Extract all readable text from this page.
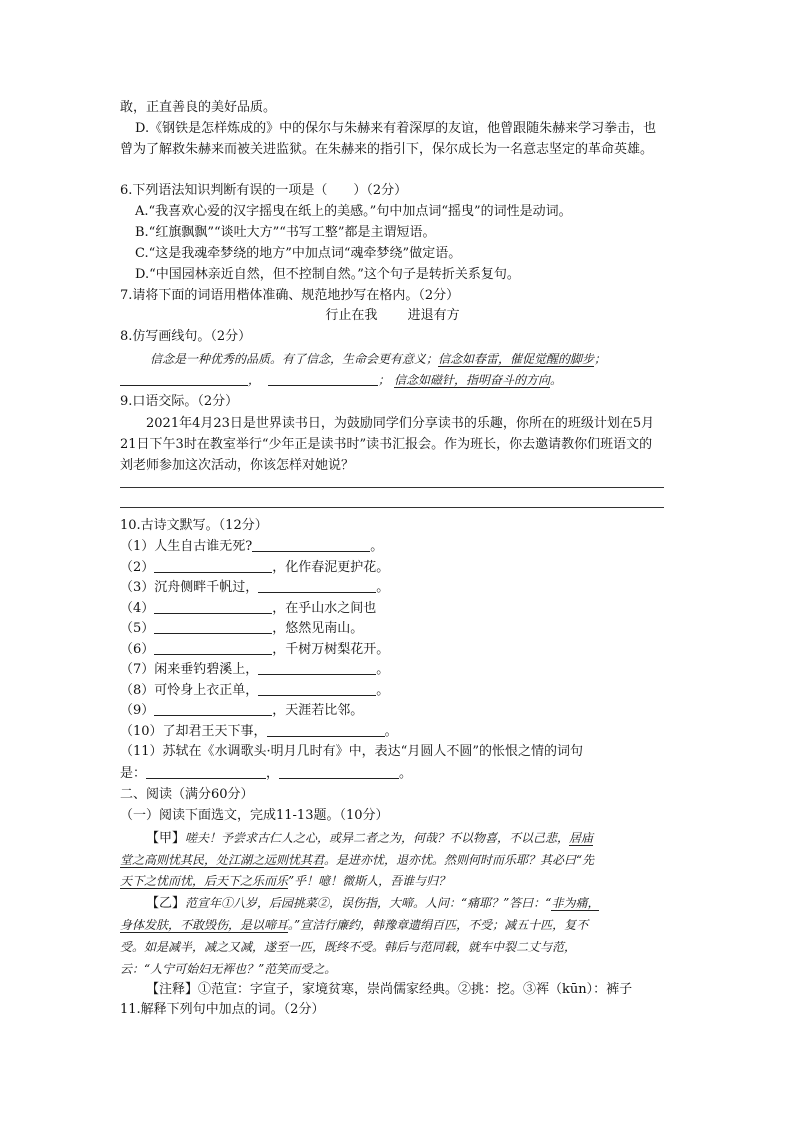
敢，正直善良的美好品质。
D.《钢铁是怎样炼成的》中的保尔与朱赫来有着深厚的友谊，他曾跟随朱赫来学习拳击，也曾为了解救朱赫来而被关进监狱。在朱赫来的指引下，保尔成长为一名意志坚定的革命英雄。
6.下列语法知识判断有误的一项是（　　）（2分）
A.“我喜欢心爱的汉字摇曳在纸上的美感。”句中加点词“摇曳”的词性是动词。
B.“红旗飘飘”“谈吐大方”“书写工整”都是主谓短语。
C.“这是我魂牵梦绕的地方”中加点词“魂牵梦绕”做定语。
D.“中国园林亲近自然，但不控制自然。”这个句子是转折关系复句。
7.请将下面的词语用楷体准确、规范地抄写在格内。（2分）
行止在我 进退有方
8.仿写画线句。（2分）
信念是一种优秀的品质。有了信念，生命会更有意义；信念如春雷，催促觉醒的脚步；
，	； 信念如磁针，指明奋斗的方向。
9.口语交际。（2分）
2021年4月23日是世界读书日，为鼓励同学们分享读书的乐趣，你所在的班级计划在5月21日下午3时在教室举行“少年正是读书时”读书汇报会。作为班长，你去邀请教你们班语文的刘老师参加这次活动，你该怎样对她说？
10.古诗文默写。（12分）
（1）人生自古谁无死?	。
（2）	，化作春泥更护花。
（3）沉舟侧畔千帆过，	。
（4）	，在乎山水之间也
（5）	，悠然见南山。
（6）	，千树万树梨花开。
（7）闲来垂钓碧溪上，	。
（8）可怜身上衣正单，	。
（9）	，天涯若比邻。
（10）了却君王天下事，	。
（11）苏轼在《水调歌头·明月几时有》中，表达“月圆人不圆”的怅恨之情的词句
是：	，	。
二、阅读（满分60分）
（一）阅读下面选文，完成11-13题。（10分）
【甲】嗟夫！予尝求古仁人之心，或异二者之为，何哉？不以物喜，不以己悲，居庙
堂之高则忧其民，处江湖之远则忧其君。是进亦忧，退亦忧。然则何时而乐耶？其必曰“先
天下之忧而忧，后天下之乐而乐”乎！噫！微斯人，吾谁与归？
【乙】范宣年①八岁，后园挑菜②，误伤指，大啼。人问：“痛耶？”答曰：“非为痛，
身体发肤，不敢毁伤，是以啼耳。”宣洁行廉约，韩豫章遗绢百匹，不受；减五十匹，复不
受。如是减半，减之又减，遂至一匹，既终不受。韩后与范同载，就车中裂二丈与范，
云：“人宁可始妇无裈也？”范笑而受之。
【注释】①范宣：字宣子，家境贫寒，崇尚儒家经典。②挑：挖。③裈（kūn）：裤子
11.解释下列句中加点的词。（2分）
